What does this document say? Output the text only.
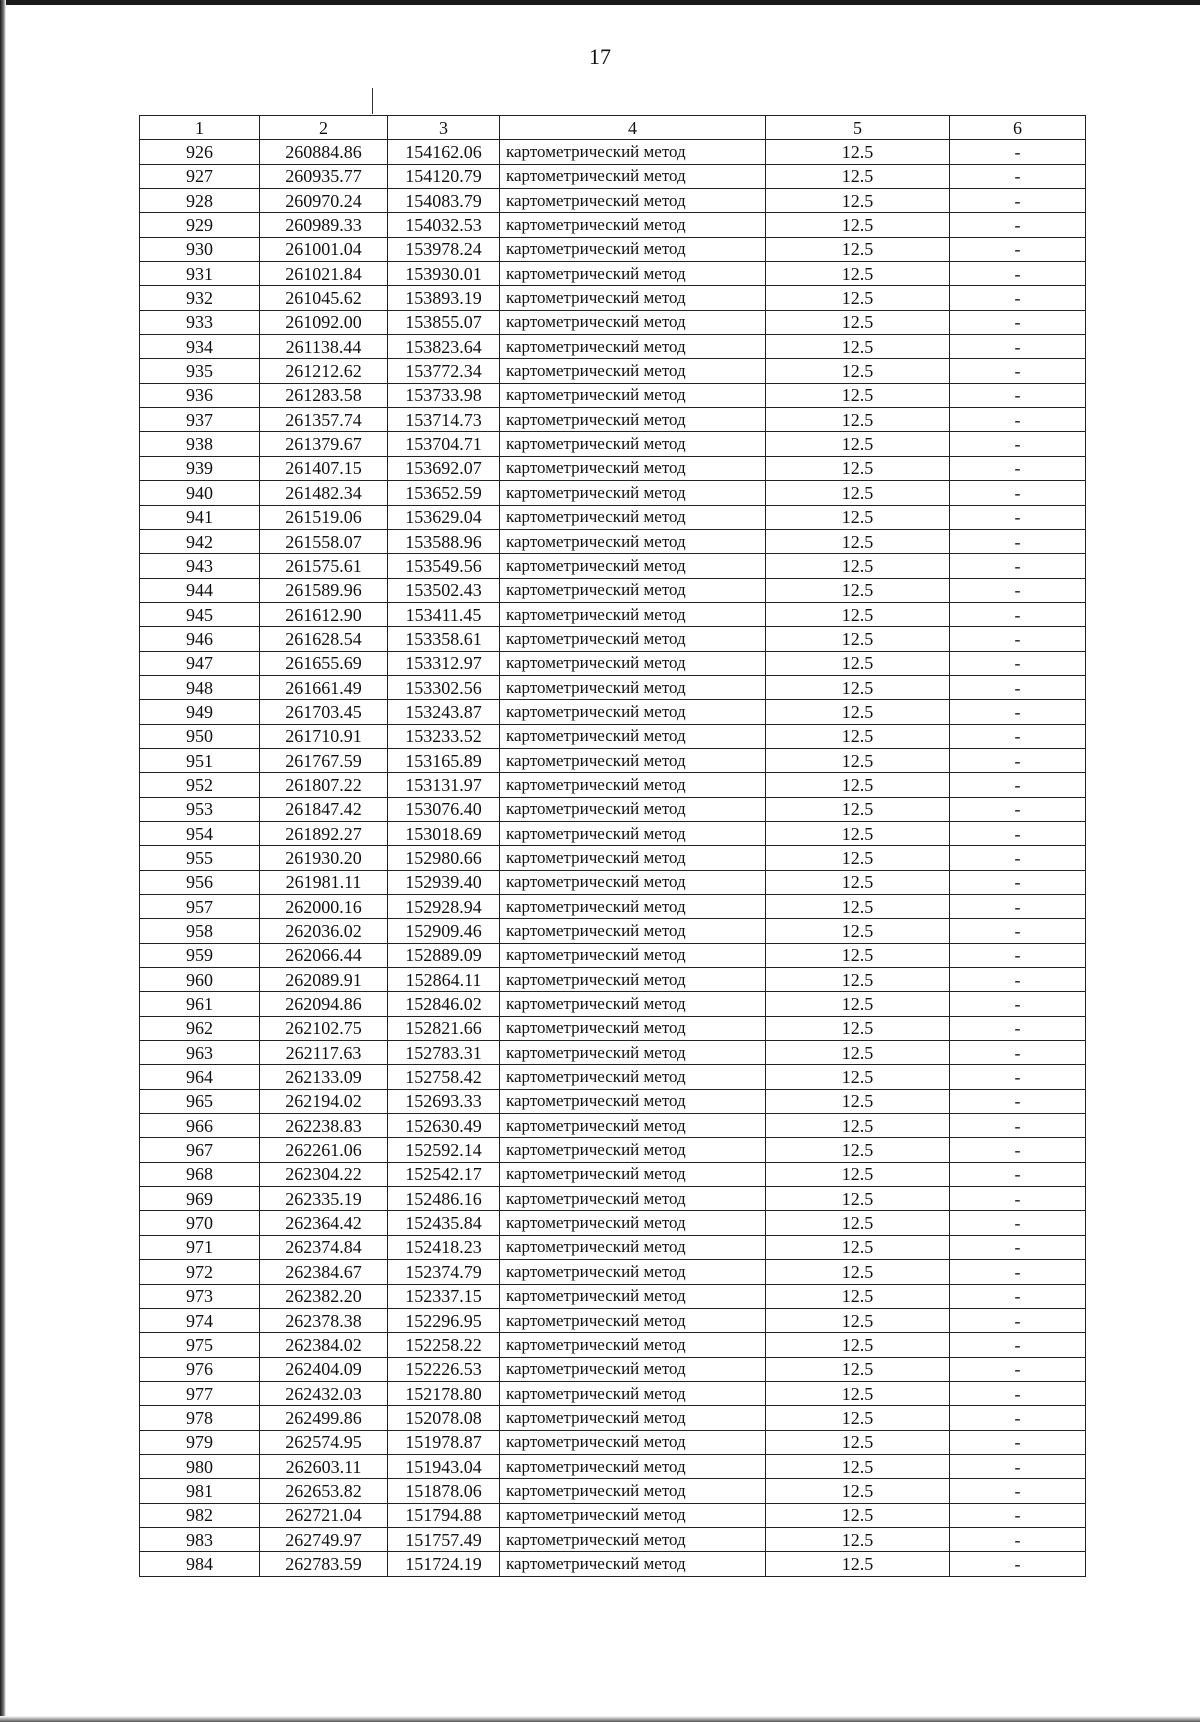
17
1	2	3	4	5	6
926	260884.86	154162.06	картометрический метод	12.5	-
927	260935.77	154120.79	картометрический метод	12.5	-
928	260970.24	154083.79	картометрический метод	12.5	-
929	260989.33	154032.53	картометрический метод	12.5	-
930	261001.04	153978.24	картометрический метод	12.5	-
931	261021.84	153930.01	картометрический метод	12.5	-
932	261045.62	153893.19	картометрический метод	12.5	-
933	261092.00	153855.07	картометрический метод	12.5	-
934	261138.44	153823.64	картометрический метод	12.5	-
935	261212.62	153772.34	картометрический метод	12.5	-
936	261283.58	153733.98	картометрический метод	12.5	-
937	261357.74	153714.73	картометрический метод	12.5	-
938	261379.67	153704.71	картометрический метод	12.5	-
939	261407.15	153692.07	картометрический метод	12.5	-
940	261482.34	153652.59	картометрический метод	12.5	-
941	261519.06	153629.04	картометрический метод	12.5	-
942	261558.07	153588.96	картометрический метод	12.5	-
943	261575.61	153549.56	картометрический метод	12.5	-
944	261589.96	153502.43	картометрический метод	12.5	-
945	261612.90	153411.45	картометрический метод	12.5	-
946	261628.54	153358.61	картометрический метод	12.5	-
947	261655.69	153312.97	картометрический метод	12.5	-
948	261661.49	153302.56	картометрический метод	12.5	-
949	261703.45	153243.87	картометрический метод	12.5	-
950	261710.91	153233.52	картометрический метод	12.5	-
951	261767.59	153165.89	картометрический метод	12.5	-
952	261807.22	153131.97	картометрический метод	12.5	-
953	261847.42	153076.40	картометрический метод	12.5	-
954	261892.27	153018.69	картометрический метод	12.5	-
955	261930.20	152980.66	картометрический метод	12.5	-
956	261981.11	152939.40	картометрический метод	12.5	-
957	262000.16	152928.94	картометрический метод	12.5	-
958	262036.02	152909.46	картометрический метод	12.5	-
959	262066.44	152889.09	картометрический метод	12.5	-
960	262089.91	152864.11	картометрический метод	12.5	-
961	262094.86	152846.02	картометрический метод	12.5	-
962	262102.75	152821.66	картометрический метод	12.5	-
963	262117.63	152783.31	картометрический метод	12.5	-
964	262133.09	152758.42	картометрический метод	12.5	-
965	262194.02	152693.33	картометрический метод	12.5	-
966	262238.83	152630.49	картометрический метод	12.5	-
967	262261.06	152592.14	картометрический метод	12.5	-
968	262304.22	152542.17	картометрический метод	12.5	-
969	262335.19	152486.16	картометрический метод	12.5	-
970	262364.42	152435.84	картометрический метод	12.5	-
971	262374.84	152418.23	картометрический метод	12.5	-
972	262384.67	152374.79	картометрический метод	12.5	-
973	262382.20	152337.15	картометрический метод	12.5	-
974	262378.38	152296.95	картометрический метод	12.5	-
975	262384.02	152258.22	картометрический метод	12.5	-
976	262404.09	152226.53	картометрический метод	12.5	-
977	262432.03	152178.80	картометрический метод	12.5	-
978	262499.86	152078.08	картометрический метод	12.5	-
979	262574.95	151978.87	картометрический метод	12.5	-
980	262603.11	151943.04	картометрический метод	12.5	-
981	262653.82	151878.06	картометрический метод	12.5	-
982	262721.04	151794.88	картометрический метод	12.5	-
983	262749.97	151757.49	картометрический метод	12.5	-
984	262783.59	151724.19	картометрический метод	12.5	-
